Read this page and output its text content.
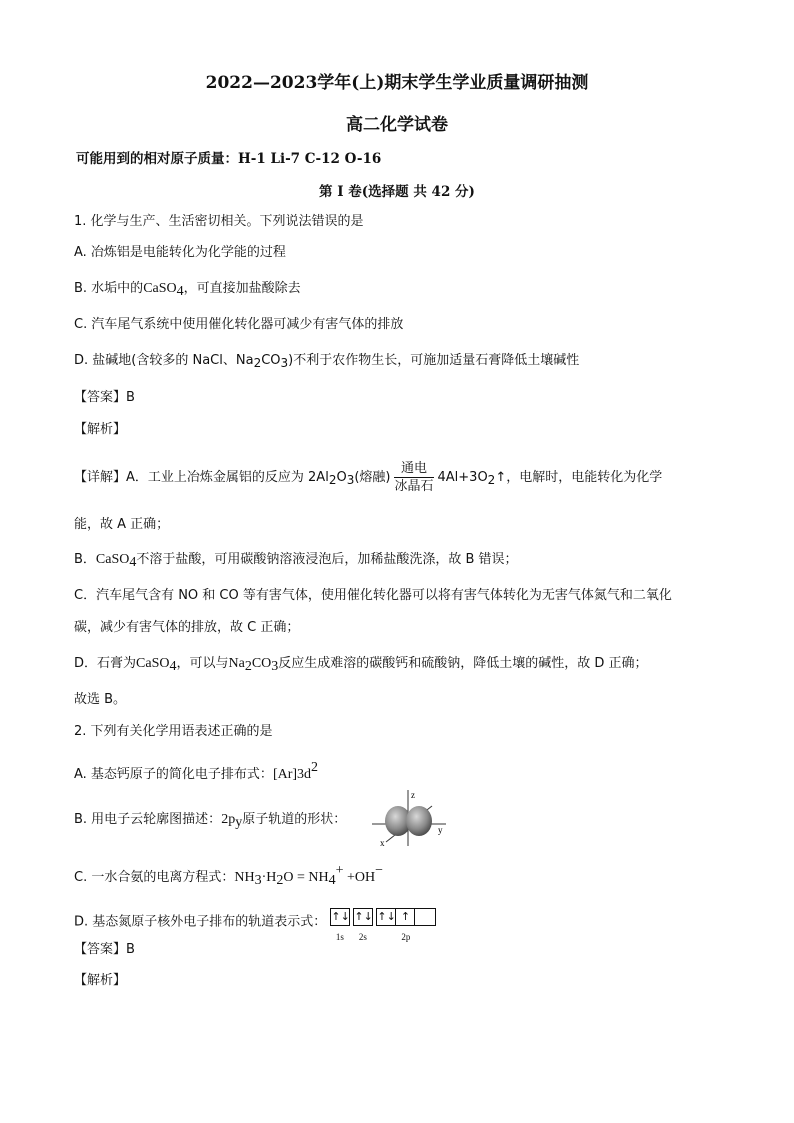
2022—2023学年(上)期末学生学业质量调研抽测
高二化学试卷
可能用到的相对原子质量：H-1 Li-7 C-12 O-16
第 I 卷(选择题 共 42 分)
1. 化学与生产、生活密切相关。下列说法错误的是
A. 冶炼铝是电能转化为化学能的过程
B. 水垢中的CaSO4，可直接加盐酸除去
C. 汽车尾气系统中使用催化转化器可减少有害气体的排放
D. 盐碱地(含较多的 NaCl、Na2CO3)不利于农作物生长，可施加适量石膏降低土壤碱性
【答案】B
【解析】
【详解】A．工业上冶炼金属铝的反应为 2Al2O3(熔融) $\frac{\text{通电}}{\text{冰晶石}}$ 4Al+3O2↑，电解时，电能转化为化学
能，故 A 正确；
B．CaSO4不溶于盐酸，可用碳酸钠溶液浸泡后，加稀盐酸洗涤，故 B 错误；
C．汽车尾气含有 NO 和 CO 等有害气体，使用催化转化器可以将有害气体转化为无害气体氮气和二氧化
碳，减少有害气体的排放，故 C 正确；
D．石膏为CaSO4，可以与Na2CO3反应生成难溶的碳酸钙和硫酸钠，降低土壤的碱性，故 D 正确；
故选 B。
2. 下列有关化学用语表述正确的是
A. 基态钙原子的简化电子排布式：[Ar]3d2
B. 用电子云轮廓图描述：2py原子轨道的形状：
z
y
x
C. 一水合氨的电离方程式：NH3·H2O = NH4+ +OH−
D. 基态氮原子核外电子排布的轨道表示式： ↑↓
1s
↑↓
2s
↑↓ ↑
2p
【答案】B
【解析】
